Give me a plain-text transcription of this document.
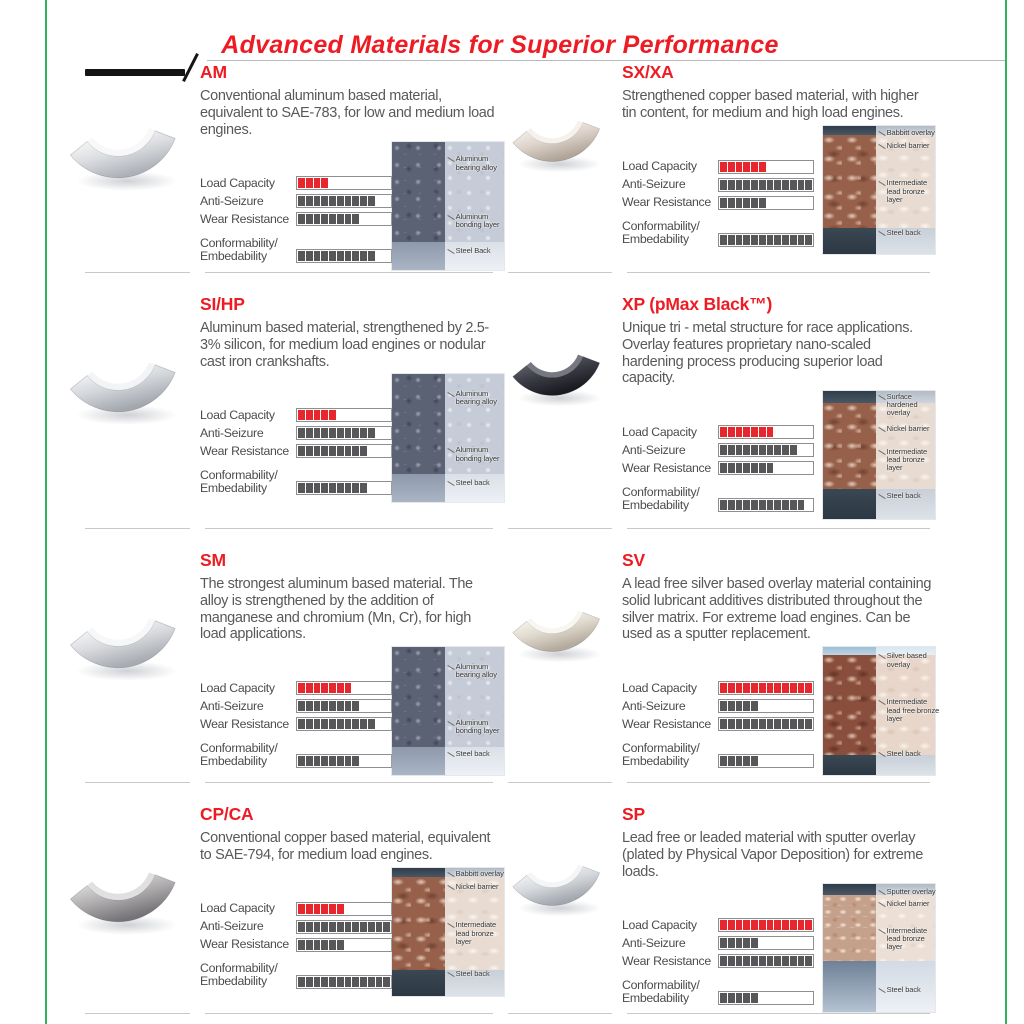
Advanced Materials for Superior Performance
AM

Conventional aluminum based material, equivalent to SAE-783, for low and medium load engines.

Load Capacity
Anti-Seizure
Wear Resistance
Conformability/
Embedability
Aluminum bearing alloy
Aluminum bonding layer
Steel Back
SX/XA

Strengthened copper based material, with higher tin content, for medium and high load engines.

Load Capacity
Anti-Seizure
Wear Resistance
Conformability/
Embedability
Babbitt overlay
Nickel barrier
Intermediate lead bronze layer
Steel back
SI/HP

Aluminum based material, strengthened by 2.5-3% silicon, for medium load engines or nodular cast iron crankshafts.

Load Capacity
Anti-Seizure
Wear Resistance
Conformability/
Embedability
Aluminum bearing alloy
Aluminum bonding layer
Steel back
XP (pMax Black™)

Unique tri - metal structure for race applications. Overlay features proprietary nano-scaled hardening process producing superior load capacity.

Load Capacity
Anti-Seizure
Wear Resistance
Conformability/
Embedability
Surface hardened overlay
Nickel barrier
Intermediate lead bronze layer
Steel back
SM

The strongest aluminum based material. The alloy is strengthened by the addition of manganese and chromium (Mn, Cr), for high load applications.

Load Capacity
Anti-Seizure
Wear Resistance
Conformability/
Embedability
Aluminum bearing alloy
Aluminum bonding layer
Steel back
SV

A lead free silver based overlay material containing solid lubricant additives distributed throughout the silver matrix. For extreme load engines. Can be used as a sputter replacement.

Load Capacity
Anti-Seizure
Wear Resistance
Conformability/
Embedability
Silver based overlay
Intermediate lead free bronze layer
Steel back
CP/CA

Conventional copper based material, equivalent to SAE-794, for medium load engines.

Load Capacity
Anti-Seizure
Wear Resistance
Conformability/
Embedability
Babbitt overlay
Nickel barrier
Intermediate lead bronze layer
Steel back
SP

Lead free or leaded material with sputter overlay (plated by Physical Vapor Deposition) for extreme loads.

Load Capacity
Anti-Seizure
Wear Resistance
Conformability/
Embedability
Sputter overlay
Nickel barrier
Intermediate lead bronze layer
Steel back
